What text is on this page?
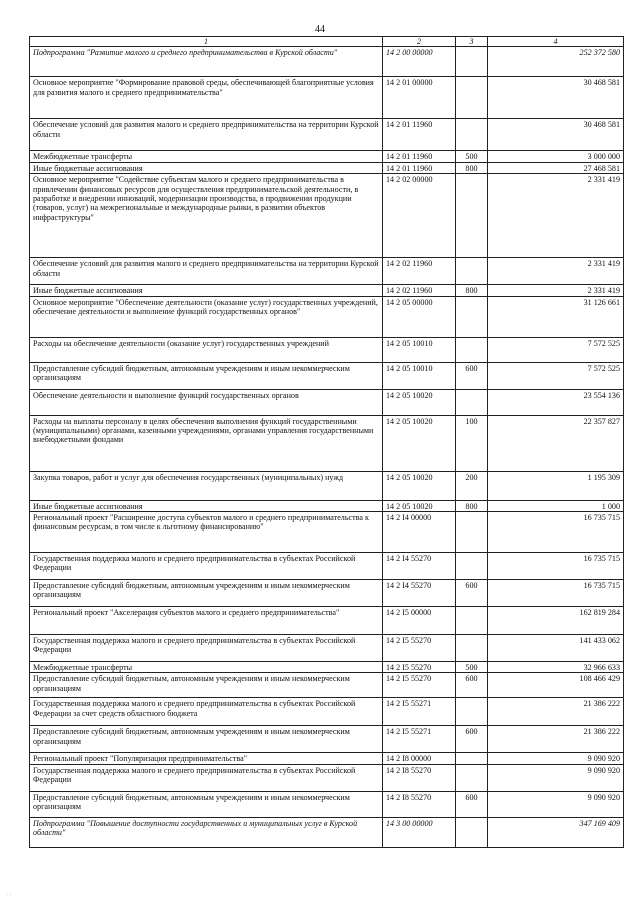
44
1	2	3	4
Подпрограмма "Развитие малого и среднего предпринимательства в Курской области"	14 2 00 00000		252 372 580
Основное мероприятие "Формирование правовой среды, обеспечивающей благоприятные условия для развития малого и среднего предпринимательства"	14 2 01 00000		30 468 581
Обеспечение условий для развития малого и среднего предпринимательства на территории Курской области	14 2 01 11960		30 468 581
Межбюджетные трансферты	14 2 01 11960	500	3 000 000
Иные бюджетные ассигнования	14 2 01 11960	800	27 468 581
Основное мероприятие "Содействие субъектам малого и среднего предпринимательства в привлечении финансовых ресурсов для осуществления предпринимательской деятельности, в разработке и внедрении инноваций, модернизации производства, в продвижении продукции (товаров, услуг) на межрегиональные и международные рынки, в развитии объектов инфраструктуры"	14 2 02 00000		2 331 419
Обеспечение условий для развития малого и среднего предпринимательства на территории Курской области	14 2 02 11960		2 331 419
Иные бюджетные ассигнования	14 2 02 11960	800	2 331 419
Основное мероприятие "Обеспечение деятельности (оказание услуг) государственных учреждений, обеспечение деятельности и выполнение функций государственных органов"	14 2 05 00000		31 126 661
Расходы на обеспечение деятельности (оказание услуг) государственных учреждений	14 2 05 10010		7 572 525
Предоставление субсидий бюджетным, автономным учреждениям и иным некоммерческим организациям	14 2 05 10010	600	7 572 525
Обеспечение деятельности и выполнение функций государственных органов	14 2 05 10020		23 554 136
Расходы на выплаты персоналу в целях обеспечения выполнения функций государственными (муниципальными) органами, казенными учреждениями, органами управления государственными внебюджетными фондами	14 2 05 10020	100	22 357 827
Закупка товаров, работ и услуг для обеспечения государственных (муниципальных) нужд	14 2 05 10020	200	1 195 309
Иные бюджетные ассигнования	14 2 05 10020	800	1 000
Региональный проект "Расширение доступа субъектов малого и среднего предпринимательства к финансовым ресурсам, в том числе к льготному финансированию"	14 2 I4 00000		16 735 715
Государственная поддержка малого и среднего предпринимательства в субъектах Российской Федерации	14 2 I4 55270		16 735 715
Предоставление субсидий бюджетным, автономным учреждениям и иным некоммерческим организациям	14 2 I4 55270	600	16 735 715
Региональный проект "Акселерация субъектов малого и среднего предпринимательства"	14 2 I5 00000		162 819 284
Государственная поддержка малого и среднего предпринимательства в субъектах Российской Федерации	14 2 I5 55270		141 433 062
Межбюджетные трансферты	14 2 I5 55270	500	32 966 633
Предоставление субсидий бюджетным, автономным учреждениям и иным некоммерческим организациям	14 2 I5 55270	600	108 466 429
Государственная поддержка малого и среднего предпринимательства в субъектах Российской Федерации за счет средств областного бюджета	14 2 I5 55271		21 386 222
Предоставление субсидий бюджетным, автономным учреждениям и иным некоммерческим организациям	14 2 I5 55271	600	21 386 222
Региональный проект "Популяризация предпринимательства"	14 2 I8 00000		9 090 920
Государственная поддержка малого и среднего предпринимательства в субъектах Российской Федерации	14 2 I8 55270		9 090 920
Предоставление субсидий бюджетным, автономным учреждениям и иным некоммерческим организациям	14 2 I8 55270	600	9 090 920
Подпрограмма "Повышение доступности государственных и муниципальных услуг в Курской области"	14 3 00 00000		347 169 409
· ·
